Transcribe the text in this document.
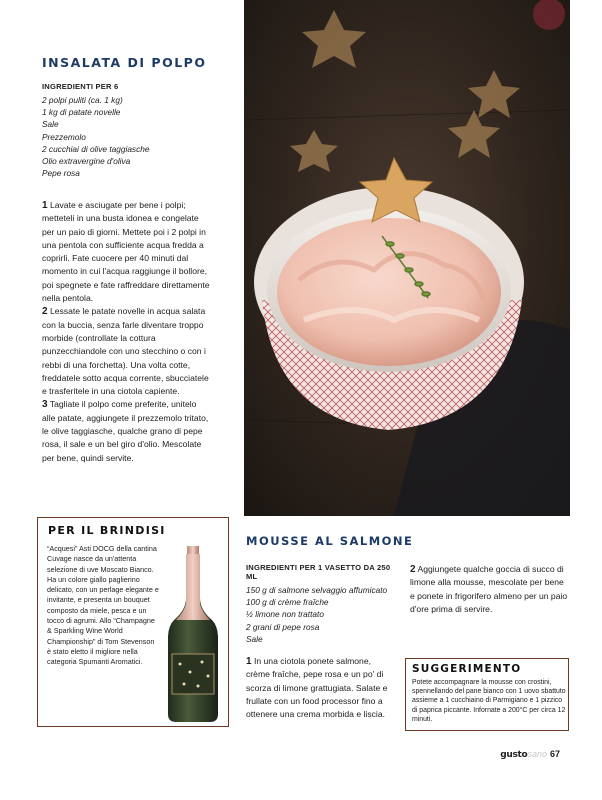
INSALATA DI POLPO
INGREDIENTI PER 6
2 polpi puliti (ca. 1 kg)
1 kg di patate novelle
Sale
Prezzemolo
2 cucchiai di olive taggiasche
Olio extravergine d'oliva
Pepe rosa
1 Lavate e asciugate per bene i polpi; metteteli in una busta idonea e congelate per un paio di giorni. Mettete poi i 2 polpi in una pentola con sufficiente acqua fredda a coprirli. Fate cuocere per 40 minuti dal momento in cui l'acqua raggiunge il bollore, poi spegnete e fate raffreddare direttamente nella pentola.
2 Lessate le patate novelle in acqua salata con la buccia, senza farle diventare troppo morbide (controllate la cottura punzecchiandole con uno stecchino o con i rebbi di una forchetta). Una volta cotte, freddatele sotto acqua corrente, sbucciatele e trasferitele in una ciotola capiente.
3 Tagliate il polpo come preferite, unitelo alle patate, aggiungete il prezzemolo tritato, le olive taggiasche, qualche grano di pepe rosa, il sale e un bel giro d'olio. Mescolate per bene, quindi servite.
PER IL BRINDISI
“Acquesi” Asti DOCG della cantina Cuvage nasce da un'attenta selezione di uve Moscato Bianco. Ha un colore giallo paglierino delicato, con un perlage elegante e invitante, e presenta un bouquet composto da miele, pesca e un tocco di agrumi. Allo “Champagne & Sparkling Wine World Championship” di Tom Stevenson è stato eletto il migliore nella categoria Spumanti Aromatici.
MOUSSE AL SALMONE
INGREDIENTI PER 1 VASETTO DA 250 ML
150 g di salmone selvaggio affumicato
100 g di crème fraîche
½ limone non trattato
2 grani di pepe rosa
Sale
1 In una ciotola ponete salmone, crème fraîche, pepe rosa e un po' di scorza di limone grattugiata. Salate e frullate con un food processor fino a ottenere una crema morbida e liscia.
2 Aggiungete qualche goccia di succo di limone alla mousse, mescolate per bene e ponete in frigorifero almeno per un paio d'ore prima di servire.
SUGGERIMENTO
Potete accompagnare la mousse con crostini, spennellando del pane bianco con 1 uovo sbattuto assieme a 1 cucchiaino di Parmigiano e 1 pizzico di paprica piccante. Infornate a 200°C per circa 12 minuti.
gustosano 67
